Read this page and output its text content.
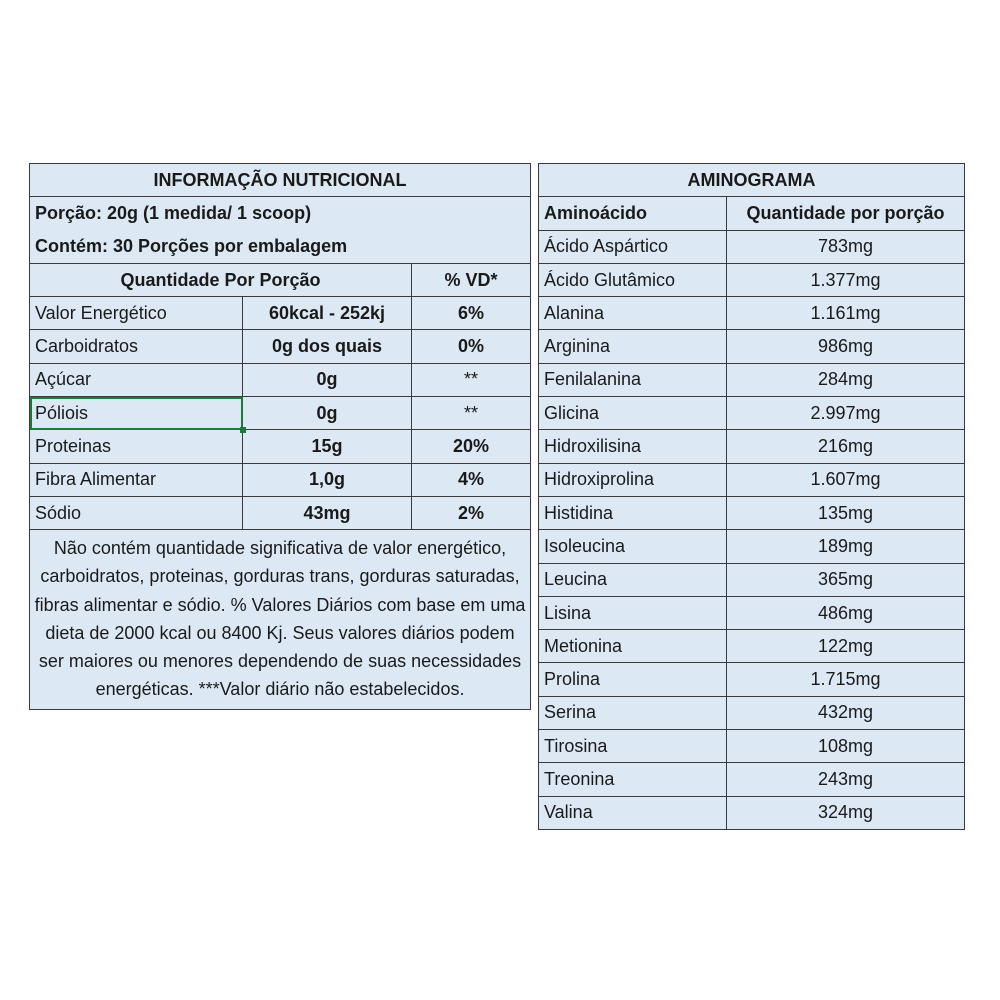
INFORMAÇÃO NUTRICIONAL		
Porção: 20g (1 medida/ 1 scoop)		
Contém: 30 Porções por embalagem		
Quantidade Por Porção		% VD*
Valor Energético	60kcal - 252kj	6%
Carboidratos	0g dos quais	0%
Açúcar	0g	**
Póliois	0g	**
Proteinas	15g	20%
Fibra Alimentar	1,0g	4%
Sódio	43mg	2%
Não contém quantidade significativa de valor energético, carboidratos, proteinas, gorduras trans, gorduras saturadas, fibras alimentar e sódio. % Valores Diários com base em uma dieta de 2000 kcal ou 8400 Kj. Seus valores diários podem ser maiores ou menores dependendo de suas necessidades energéticas. ***Valor diário não estabelecidos.		
AMINOGRAMA	
Aminoácido	Quantidade por porção
Ácido Aspártico	783mg
Ácido Glutâmico	1.377mg
Alanina	1.161mg
Arginina	986mg
Fenilalanina	284mg
Glicina	2.997mg
Hidroxilisina	216mg
Hidroxiprolina	1.607mg
Histidina	135mg
Isoleucina	189mg
Leucina	365mg
Lisina	486mg
Metionina	122mg
Prolina	1.715mg
Serina	432mg
Tirosina	108mg
Treonina	243mg
Valina	324mg
